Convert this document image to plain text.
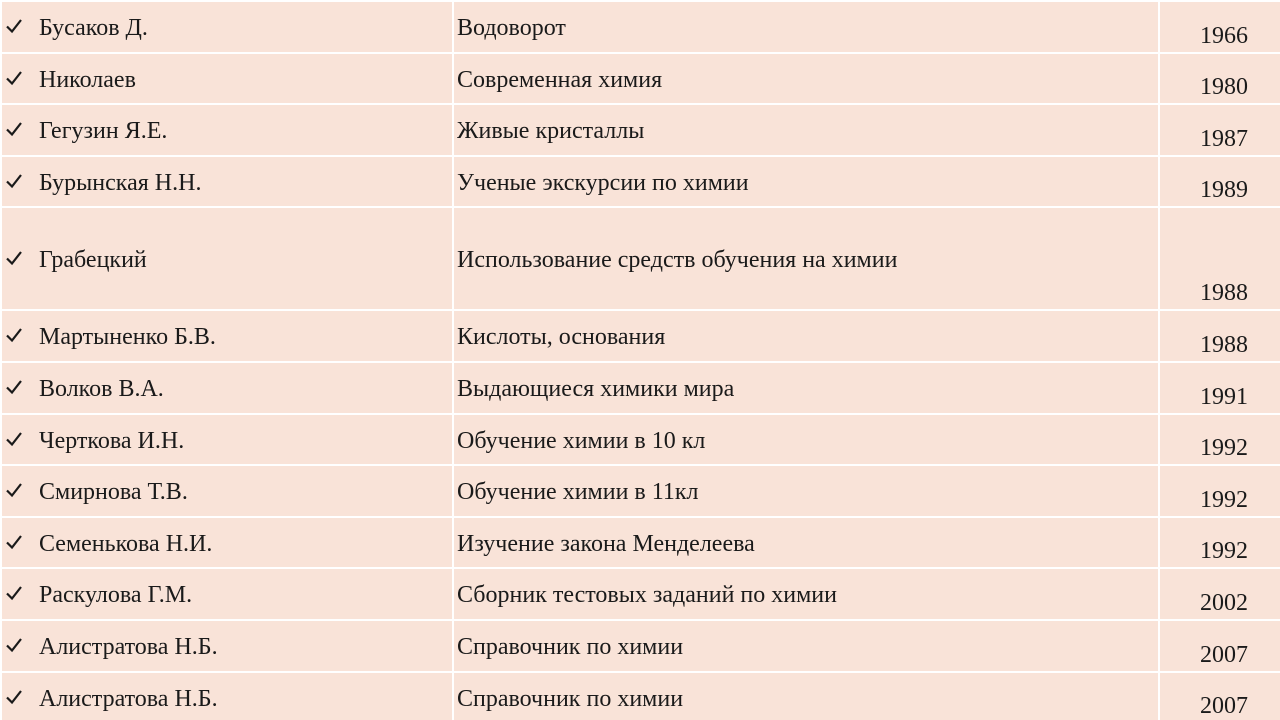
Бусаков Д.	Водоворот	1966

Николаев	Современная химия	1980

Гегузин Я.Е.	Живые кристаллы	1987

Бурынская Н.Н.	Ученые экскурсии по химии	1989

Грабецкий	Использование средств обучения на химии	1988

Мартыненко Б.В.	Кислоты, основания	1988

Волков В.А.	Выдающиеся химики мира	1991

Черткова И.Н.	Обучение химии в 10 кл	1992

Смирнова Т.В.	Обучение химии в 11кл	1992

Семенькова Н.И.	Изучение закона Менделеева	1992

Раскулова Г.М.	Сборник тестовых заданий по химии	2002

Алистратова Н.Б.	Справочник по химии	2007

Алистратова Н.Б.	Справочник по химии	2007
